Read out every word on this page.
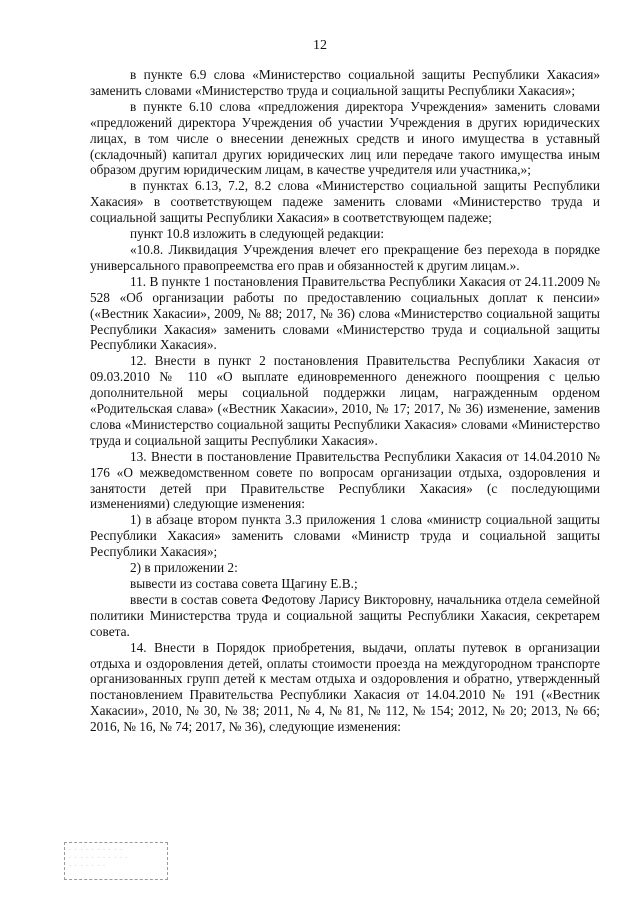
12

в пункте 6.9 слова «Министерство социальной защиты Республики Хакасия» заменить словами «Министерство труда и социальной защиты Республики Хакасия»;

в пункте 6.10 слова «предложения директора Учреждения» заменить словами «предложений директора Учреждения об участии Учреждения в других юридических лицах, в том числе о внесении денежных средств и иного имущества в уставный (складочный) капитал других юридических лиц или передаче такого имущества иным образом другим юридическим лицам, в качестве учредителя или участника,»;

в пунктах 6.13, 7.2, 8.2 слова «Министерство социальной защиты Республики Хакасия» в соответствующем падеже заменить словами «Министерство труда и социальной защиты Республики Хакасия» в соответствующем падеже;

пункт 10.8 изложить в следующей редакции:

«10.8. Ликвидация Учреждения влечет его прекращение без перехода в порядке универсального правопреемства его прав и обязанностей к другим лицам.».

11. В пункте 1 постановления Правительства Республики Хакасия от 24.11.2009 № 528 «Об организации работы по предоставлению социальных доплат к пенсии» («Вестник Хакасии», 2009, № 88; 2017, № 36) слова «Министерство социальной защиты Республики Хакасия» заменить словами «Министерство труда и социальной защиты Республики Хакасия».

12. Внести в пункт 2 постановления Правительства Республики Хакасия от 09.03.2010 № 110 «О выплате единовременного денежного поощрения с целью дополнительной меры социальной поддержки лицам, награжденным орденом «Родительская слава» («Вестник Хакасии», 2010, № 17; 2017, № 36) изменение, заменив слова «Министерство социальной защиты Республики Хакасия» словами «Министерство труда и социальной защиты Республики Хакасия».

13. Внести в постановление Правительства Республики Хакасия от 14.04.2010 № 176 «О межведомственном совете по вопросам организации отдыха, оздоровления и занятости детей при Правительстве Республики Хакасия» (с последующими изменениями) следующие изменения:

1) в абзаце втором пункта 3.3 приложения 1 слова «министр социальной защиты Республики Хакасия» заменить словами «Министр труда и социальной защиты Республики Хакасия»;

2) в приложении 2:

вывести из состава совета Щагину Е.В.;

ввести в состав совета Федотову Ларису Викторовну, начальника отдела семейной политики Министерства труда и социальной защиты Республики Хакасия, секретарем совета.

14. Внести в Порядок приобретения, выдачи, оплаты путевок в организации отдыха и оздоровления детей, оплаты стоимости проезда на междугородном транспорте организованных групп детей к местам отдыха и оздоровления и обратно, утвержденный постановлением Правительства Республики Хакасия от 14.04.2010 № 191 («Вестник Хакасии», 2010, № 30, № 38; 2011, № 4, № 81, № 112, № 154; 2012, № 20; 2013, № 66; 2016, № 16, № 74; 2017, № 36), следующие изменения:

· · · · · · · · · ·
· · · · · · · · · · ·
· · · · · · ·
